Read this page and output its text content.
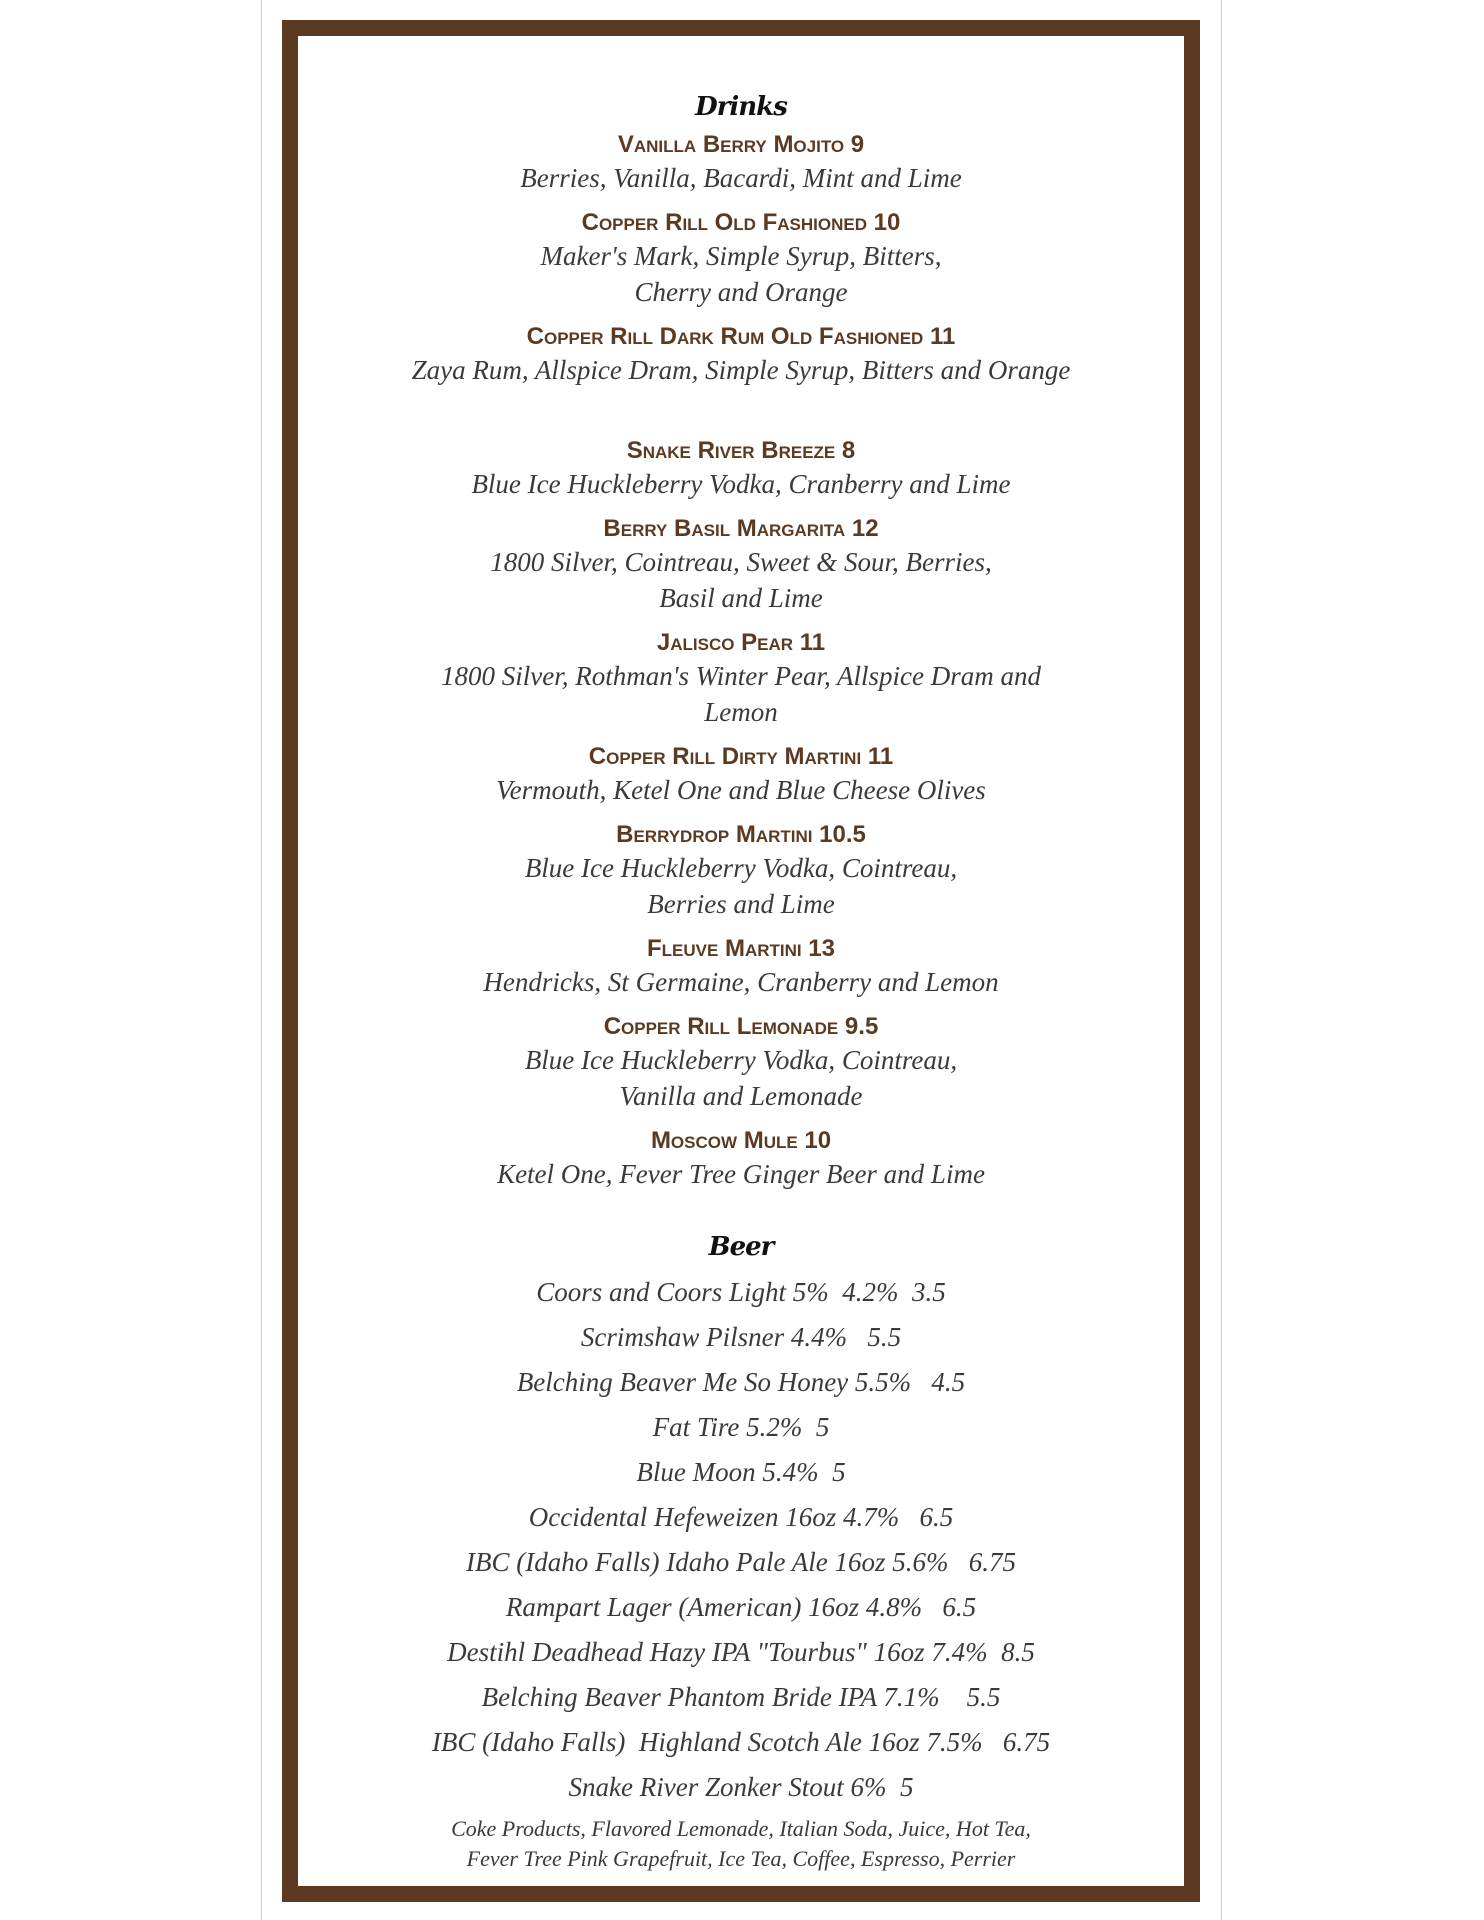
Drinks

Vanilla Berry Mojito 9

Berries, Vanilla, Bacardi, Mint and Lime

Copper Rill Old Fashioned 10

Maker's Mark, Simple Syrup, Bitters,

Cherry and Orange

Copper Rill Dark Rum Old Fashioned 11

Zaya Rum, Allspice Dram, Simple Syrup, Bitters and Orange

Snake River Breeze 8

Blue Ice Huckleberry Vodka, Cranberry and Lime

Berry Basil Margarita 12

1800 Silver, Cointreau, Sweet & Sour, Berries,

Basil and Lime

Jalisco Pear 11

1800 Silver, Rothman's Winter Pear, Allspice Dram and

Lemon

Copper Rill Dirty Martini 11

Vermouth, Ketel One and Blue Cheese Olives

Berrydrop Martini 10.5

Blue Ice Huckleberry Vodka, Cointreau,

Berries and Lime

Fleuve Martini 13

Hendricks, St Germaine, Cranberry and Lemon

Copper Rill Lemonade 9.5

Blue Ice Huckleberry Vodka, Cointreau,

Vanilla and Lemonade

Moscow Mule 10

Ketel One, Fever Tree Ginger Beer and Lime

Beer

Coors and Coors Light 5%  4.2%  3.5

Scrimshaw Pilsner 4.4%   5.5

Belching Beaver Me So Honey 5.5%   4.5

Fat Tire 5.2%  5

Blue Moon 5.4%  5

Occidental Hefeweizen 16oz 4.7%   6.5

IBC (Idaho Falls) Idaho Pale Ale 16oz 5.6%   6.75

Rampart Lager (American) 16oz 4.8%   6.5

Destihl Deadhead Hazy IPA "Tourbus" 16oz 7.4%  8.5

Belching Beaver Phantom Bride IPA 7.1%    5.5

IBC (Idaho Falls)  Highland Scotch Ale 16oz 7.5%   6.75

Snake River Zonker Stout 6%  5

Coke Products, Flavored Lemonade, Italian Soda, Juice, Hot Tea,

Fever Tree Pink Grapefruit, Ice Tea, Coffee, Espresso, Perrier
